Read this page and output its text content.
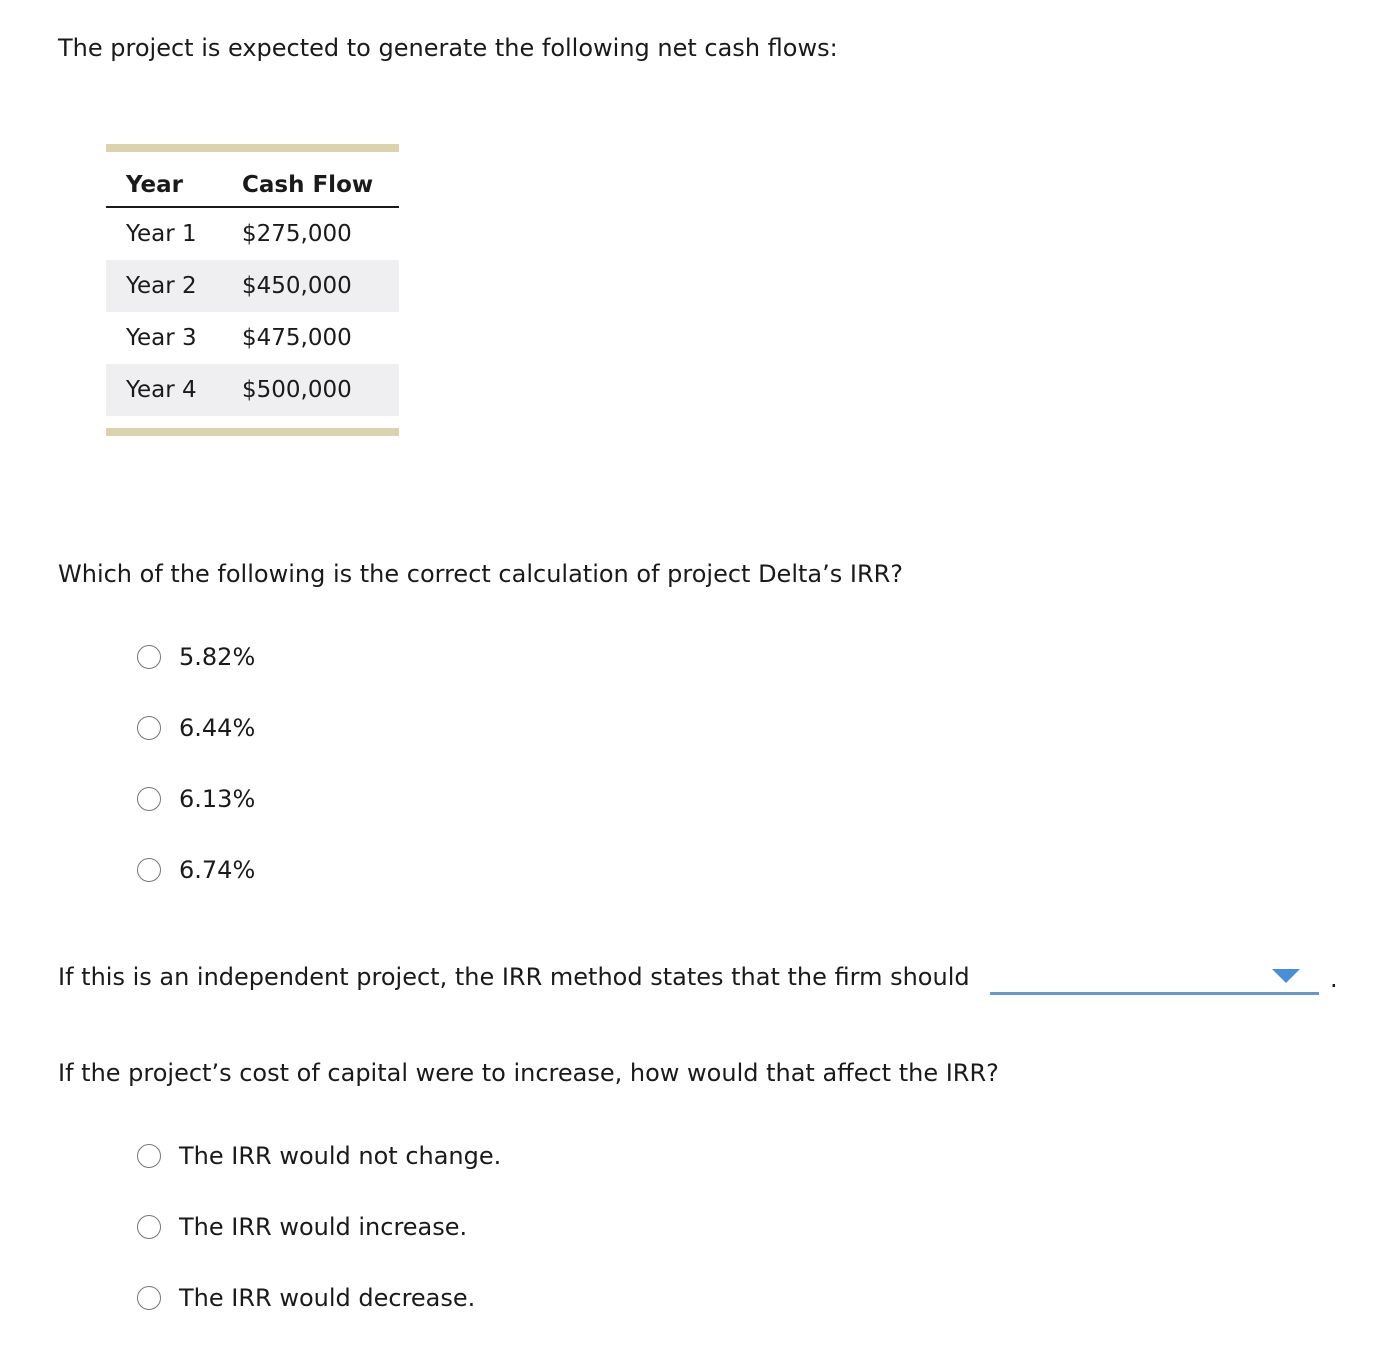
The project is expected to generate the following net cash flows:
Year	Cash Flow
Year 1	$275,000
Year 2	$450,000
Year 3	$475,000
Year 4	$500,000
Which of the following is the correct calculation of project Delta’s IRR?
5.82%
6.44%
6.13%
6.74%
If this is an independent project, the IRR method states that the firm should	.
If the project’s cost of capital were to increase, how would that affect the IRR?
The IRR would not change.
The IRR would increase.
The IRR would decrease.
